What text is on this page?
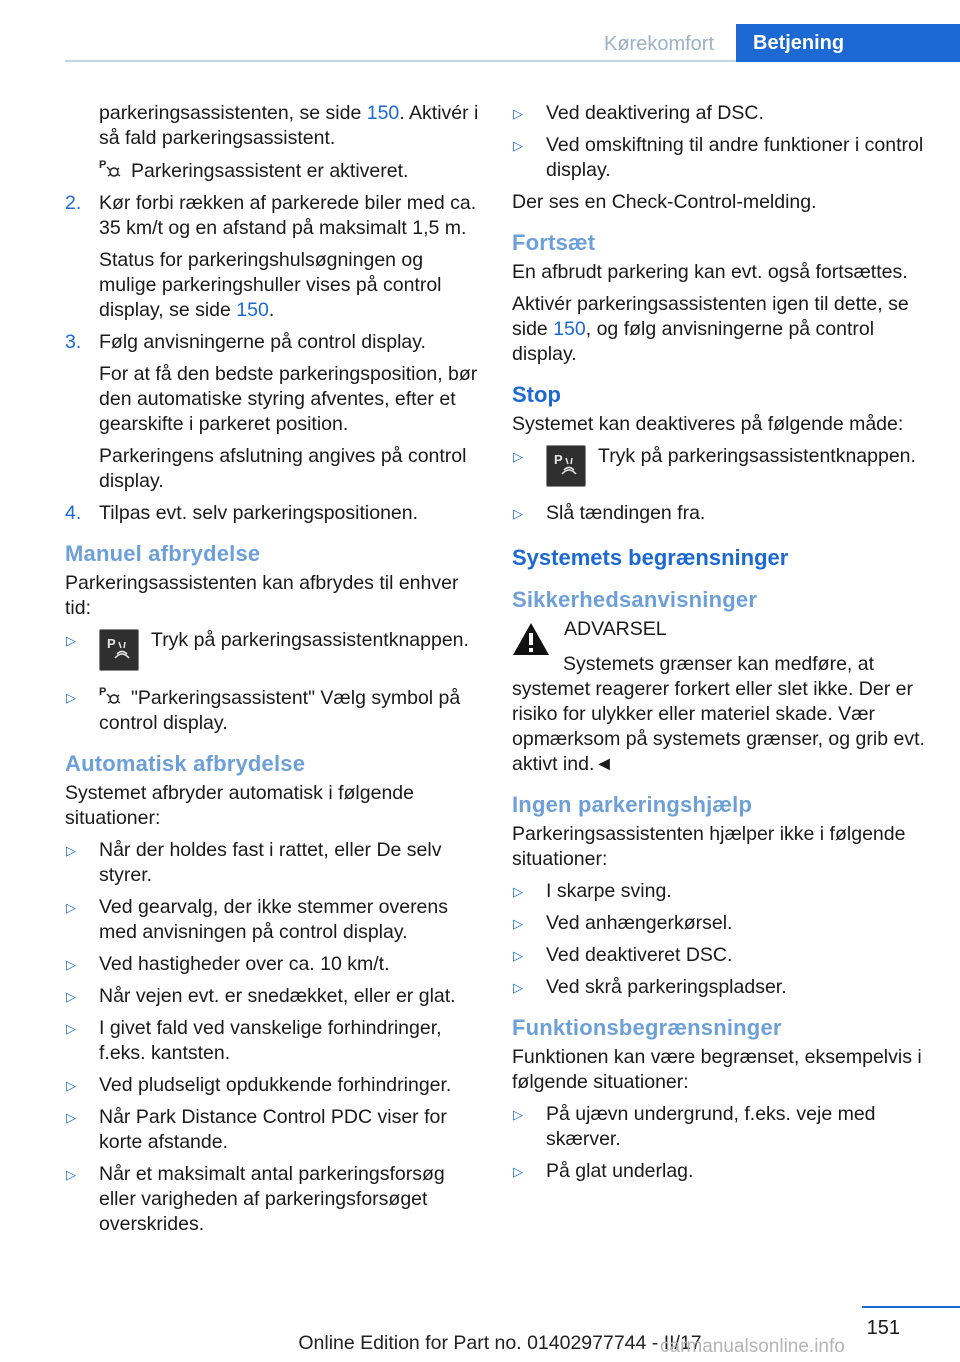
Kørekomfort	Betjening

parkeringsassistenten, se side 150. Aktivér i så fald parkeringsassistent.

P Parkeringsassistent er aktiveret.

2. Kør forbi rækken af parkerede biler med ca. 35 km/t og en afstand på maksimalt 1,5 m.

Status for parkeringshulsøgningen og mulige parkeringshuller vises på control display, se side 150.

3. Følg anvisningerne på control display.

For at få den bedste parkeringsposition, bør den automatiske styring afventes, efter et gearskifte i parkeret position.

Parkeringens afslutning angives på control display.

4. Tilpas evt. selv parkeringspositionen.

Manuel afbrydelse

Parkeringsassistenten kan afbrydes til enhver tid:

▷	P Tryk på parkeringsassistentknappen.
▷	P "Parkeringsassistent" Vælg symbol på control display.
Automatisk afbrydelse

Systemet afbryder automatisk i følgende situationer:

▷	Når der holdes fast i rattet, eller De selv styrer.
▷	Ved gearvalg, der ikke stemmer overens med anvisningen på control display.
▷	Ved hastigheder over ca. 10 km/t.
▷	Når vejen evt. er snedækket, eller er glat.
▷	I givet fald ved vanskelige forhindringer, f.eks. kantsten.
▷	Ved pludseligt opdukkende forhindringer.
▷	Når Park Distance Control PDC viser for korte afstande.
▷	Når et maksimalt antal parkeringsforsøg eller varigheden af parkeringsforsøget overskrides.
▷	Ved deaktivering af DSC.
▷	Ved omskiftning til andre funktioner i control display.

Der ses en Check-Control-melding.

Fortsæt

En afbrudt parkering kan evt. også fortsættes.

Aktivér parkeringsassistenten igen til dette, se side 150, og følg anvisningerne på control display.

Stop

Systemet kan deaktiveres på følgende måde:

▷	P Tryk på parkeringsassistentknappen.
▷	Slå tændingen fra.
Systemets begrænsninger
Sikkerhedsanvisninger

ADVARSEL

Systemets grænser kan medføre, at systemet reagerer forkert eller slet ikke. Der er risiko for ulykker eller materiel skade. Vær opmærksom på systemets grænser, og grib evt. aktivt ind.◄

Ingen parkeringshjælp

Parkeringsassistenten hjælper ikke i følgende situationer:

▷	I skarpe sving.
▷	Ved anhængerkørsel.
▷	Ved deaktiveret DSC.
▷	Ved skrå parkeringspladser.
Funktionsbegrænsninger

Funktionen kan være begrænset, eksempelvis i følgende situationer:

▷	På ujævn undergrund, f.eks. veje med skærver.
▷	På glat underlag.
151
Online Edition for Part no. 01402977744 - II/17
carmanualsonline.info
